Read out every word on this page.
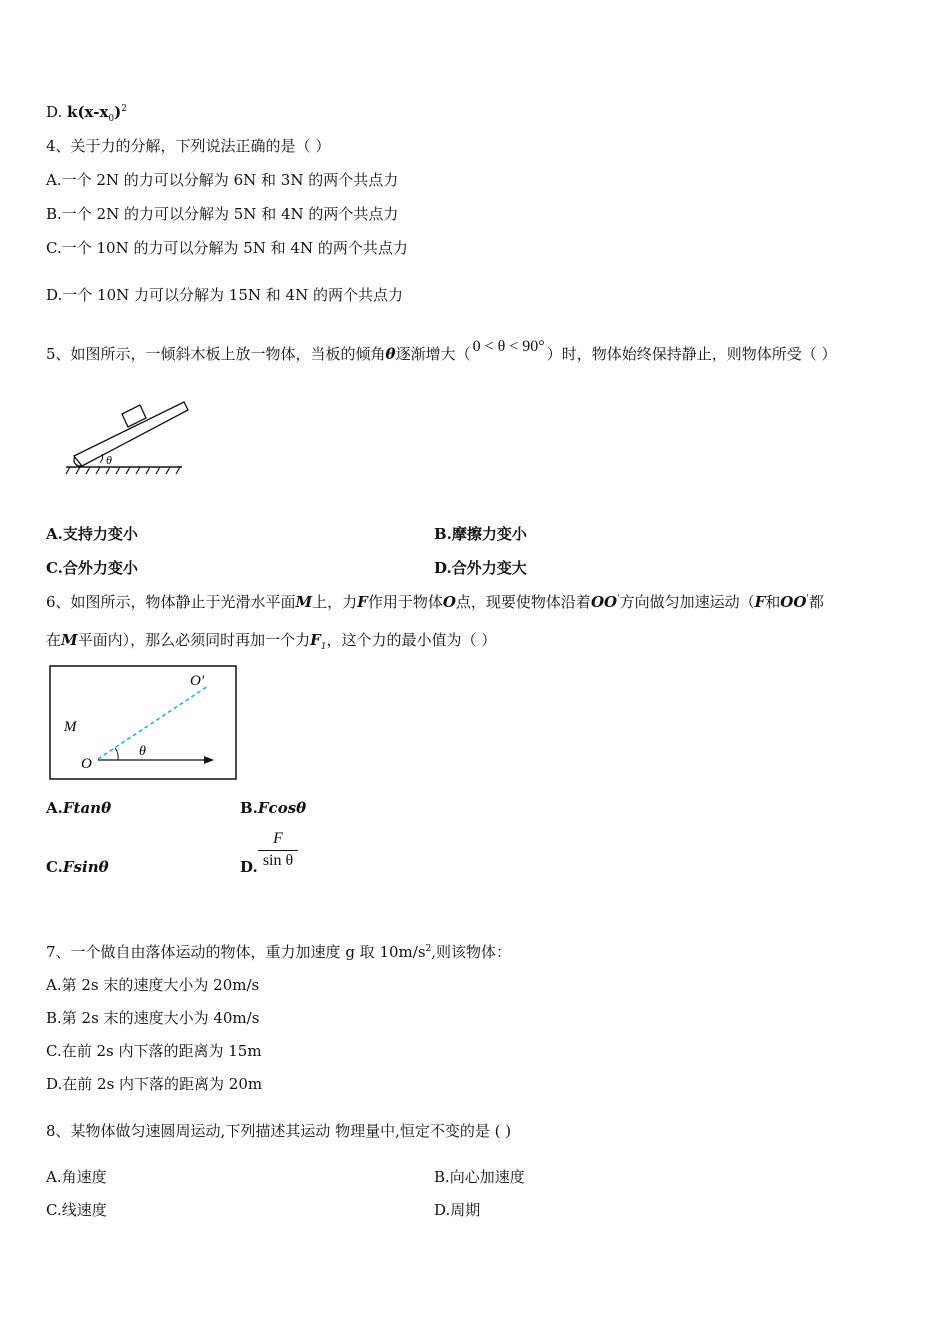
D. $k(x-x_0)^2$
4、关于力的分解，下列说法正确的是（ ）
A.一个 2N 的力可以分解为 6N 和 3N 的两个共点力
B.一个 2N 的力可以分解为 5N 和 4N 的两个共点力
C.一个 10N 的力可以分解为 5N 和 4N 的两个共点力
D.一个 10N 力可以分解为 15N 和 4N 的两个共点力
5、如图所示，一倾斜木板上放一物体，当板的倾角θ逐渐增大（ 0 < θ < 90° ）时，物体始终保持静止，则物体所受（ ）
θ
A.支持力变小	B.摩擦力变小
C.合外力变小	D.合外力变大
6、如图所示，物体静止于光滑水平面M上，力F作用于物体O点，现要使物体沿着OO'方向做匀加速运动（F和OO'都
在M平面内），那么必须同时再加一个力$F_1$，这个力的最小值为（ ）
M
O
O'
θ
A.Ftanθ	B.Fcosθ
C.Fsinθ	D. $\frac{F}{\text{sin θ}}$
7、一个做自由落体运动的物体，重力加速度 g 取 $10m/s^2$,则该物体：
A.第 2s 末的速度大小为 20m/s
B.第 2s 末的速度大小为 40m/s
C.在前 2s 内下落的距离为 15m
D.在前 2s 内下落的距离为 20m
8、某物体做匀速圆周运动,下列描述其运动 物理量中,恒定不变的是 ( )
A.角速度	B.向心加速度
C.线速度	D.周期
